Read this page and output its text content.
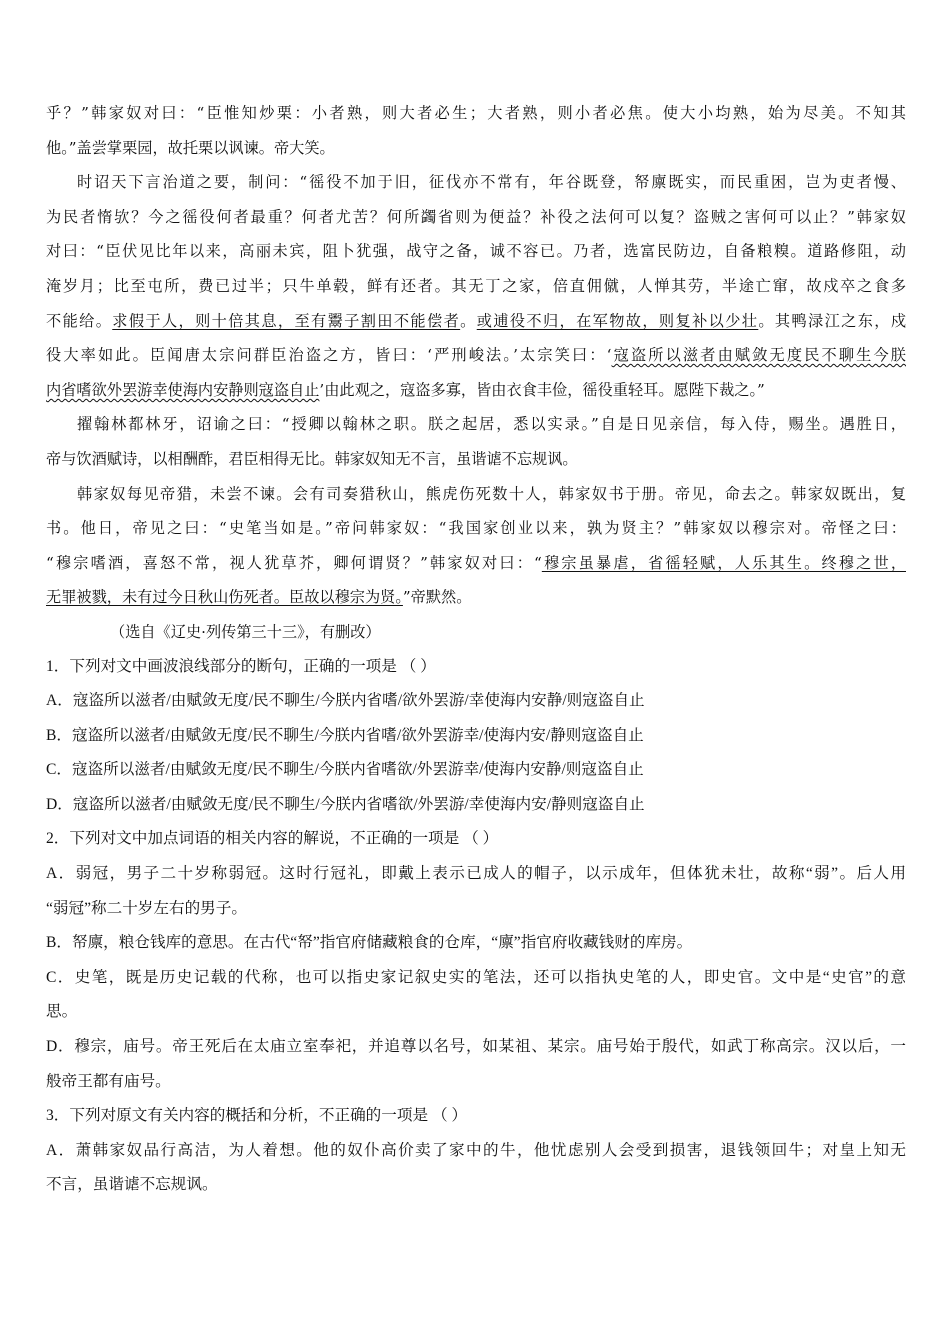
乎？”韩家奴对曰：“臣惟知炒栗：小者熟，则大者必生；大者熟，则小者必焦。使大小均熟，始为尽美。不知其
他。”盖尝掌栗园，故托栗以讽谏。帝大笑。
时诏天下言治道之要，制问：“徭役不加于旧，征伐亦不常有，年谷既登，帑廪既实，而民重困，岂为吏者慢、
为民者惰欤？今之徭役何者最重？何者尤苦？何所蠲省则为便益？补役之法何可以复？盗贼之害何可以止？”韩家奴
对曰：“臣伏见比年以来，高丽未宾，阻卜犹强，战守之备，诚不容已。乃者，选富民防边，自备粮糗。道路修阻，动
淹岁月；比至屯所，费已过半；只牛单毂，鲜有还者。其无丁之家，倍直佣僦，人惮其劳，半途亡窜，故戍卒之食多
不能给。求假于人，则十倍其息，至有鬻子割田不能偿者。或逋役不归，在军物故，则复补以少壮。其鸭渌江之东，戍
役大率如此。臣闻唐太宗问群臣治盗之方，皆曰：‘严刑峻法。’太宗笑曰：‘寇盗所以滋者由赋敛无度民不聊生今朕
内省嗜欲外罢游幸使海内安静则寇盗自止’由此观之，寇盗多寡，皆由衣食丰俭，徭役重轻耳。愿陛下裁之。”
擢翰林都林牙，诏谕之曰：“授卿以翰林之职。朕之起居，悉以实录。”自是日见亲信，每入侍，赐坐。遇胜日，
帝与饮酒赋诗，以相酬酢，君臣相得无比。韩家奴知无不言，虽谐谑不忘规讽。
韩家奴每见帝猎，未尝不谏。会有司奏猎秋山，熊虎伤死数十人，韩家奴书于册。帝见，命去之。韩家奴既出，复
书。他日，帝见之曰：“史笔当如是。”帝问韩家奴：“我国家创业以来，孰为贤主？”韩家奴以穆宗对。帝怪之曰：
“穆宗嗜酒，喜怒不常，视人犹草芥，卿何谓贤？”韩家奴对曰：“穆宗虽暴虐，省徭轻赋，人乐其生。终穆之世，
无罪被戮，未有过今日秋山伤死者。臣故以穆宗为贤。”帝默然。
（选自《辽史·列传第三十三》，有删改）
1．下列对文中画波浪线部分的断句，正确的一项是 （ ）
A．寇盗所以滋者/由赋敛无度/民不聊生/今朕内省嗜/欲外罢游/幸使海内安静/则寇盗自止
B．寇盗所以滋者/由赋敛无度/民不聊生/今朕内省嗜/欲外罢游幸/使海内安/静则寇盗自止
C．寇盗所以滋者/由赋敛无度/民不聊生/今朕内省嗜欲/外罢游幸/使海内安静/则寇盗自止
D．寇盗所以滋者/由赋敛无度/民不聊生/今朕内省嗜欲/外罢游/幸使海内安/静则寇盗自止
2．下列对文中加点词语的相关内容的解说，不正确的一项是 （ ）
A．弱冠，男子二十岁称弱冠。这时行冠礼，即戴上表示已成人的帽子，以示成年，但体犹未壮，故称“弱”。后人用
“弱冠”称二十岁左右的男子。
B．帑廪，粮仓钱库的意思。在古代“帑”指官府储藏粮食的仓库，“廪”指官府收藏钱财的库房。
C．史笔，既是历史记载的代称，也可以指史家记叙史实的笔法，还可以指执史笔的人，即史官。文中是“史官”的意
思。
D．穆宗，庙号。帝王死后在太庙立室奉祀，并追尊以名号，如某祖、某宗。庙号始于殷代，如武丁称高宗。汉以后，一
般帝王都有庙号。
3．下列对原文有关内容的概括和分析，不正确的一项是 （ ）
A．萧韩家奴品行高洁，为人着想。他的奴仆高价卖了家中的牛，他忧虑别人会受到损害，退钱领回牛；对皇上知无
不言，虽谐谑不忘规讽。
